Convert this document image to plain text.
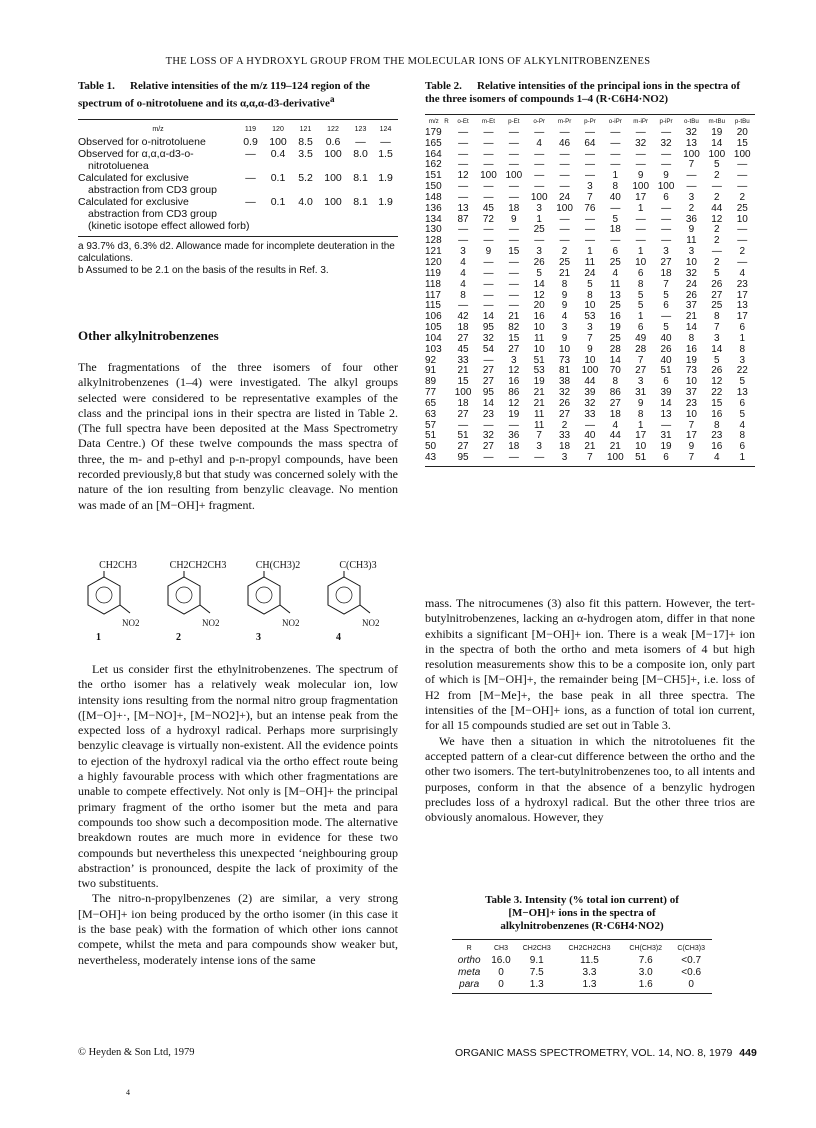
THE LOSS OF A HYDROXYL GROUP FROM THE MOLECULAR IONS OF ALKYLNITROBENZENES
Table 1. Relative intensities of the m/z 119–124 region of the spectrum of o-nitrotoluene and its α,α,α-d3-derivative$^a$
m/z	119	120	121	122	123	124
Observed for o-nitrotoluene	0.9	100	8.5	0.6	—	—
Observed for α,α,α-d3-o-	—	0.4	3.5	100	8.0	1.5
nitrotoluenea						
Calculated for exclusive	—	0.1	5.2	100	8.1	1.9
abstraction from CD3 group						
Calculated for exclusive	—	0.1	4.0	100	8.1	1.9
abstraction from CD3 group						
(kinetic isotope effect allowed forb)						
a 93.7% d3, 6.3% d2. Allowance made for incomplete deuteration in the calculations.
b Assumed to be 2.1 on the basis of the results in Ref. 3.
Other alkylnitrobenzenes

The fragmentations of the three isomers of four other alkylnitrobenzenes (1–4) were investigated. The alkyl groups selected were considered to be representative examples of the class and the principal ions in their spectra are listed in Table 2. (The full spectra have been deposited at the Mass Spectrometry Data Centre.) Of these twelve compounds the mass spectra of three, the m- and p-ethyl and p-n-propyl compounds, have been recorded previously,8 but that study was concerned solely with the nature of the ion resulting from benzylic cleavage. No mention was made of an [M−OH]+ fragment.

CH2CH3
NO2
1
CH2CH2CH3
NO2
2
CH(CH3)2
NO2
3
C(CH3)3
NO2
4

Let us consider first the ethylnitrobenzenes. The spectrum of the ortho isomer has a relatively weak molecular ion, low intensity ions resulting from the normal nitro group fragmentation ([M−O]+·, [M−NO]+, [M−NO2]+), but an intense peak from the expected loss of a hydroxyl radical. Perhaps more surprisingly benzylic cleavage is virtually non-existent. All the evidence points to ejection of the hydroxyl radical via the ortho effect route being a highly favourable process with which other fragmentations are unable to compete effectively. Not only is [M−OH]+ the principal primary fragment of the ortho isomer but the meta and para compounds too show such a decomposition mode. The alternative breakdown routes are much more in evidence for these two compounds but nevertheless this unexpected ‘neighbouring group abstraction’ is pronounced, despite the lack of proximity of the two substituents.

The nitro-n-propylbenzenes (2) are similar, a very strong [M−OH]+ ion being produced by the ortho isomer (in this case it is the base peak) with the formation of which other ions cannot compete, whilst the meta and para compounds show weaker but, nevertheless, moderately intense ions of the same

Table 2. Relative intensities of the principal ions in the spectra of the three isomers of compounds 1–4 (R·C6H4·NO2)
m/z	R	o-Et	m-Et	p-Et	o-Pr	m-Pr	p-Pr	o-iPr	m-iPr	p-iPr	o-tBu	m-tBu	p-tBu
179		—	—	—	—	—	—	—	—	—	32	19	20
165		—	—	—	4	46	64	—	32	32	13	14	15
164		—	—	—	—	—	—	—	—	—	100	100	100
162		—	—	—	—	—	—	—	—	—	7	5	—
151		12	100	100	—	—	—	1	9	9	—	2	—
150		—	—	—	—	—	3	8	100	100	—	—	—
148		—	—	—	100	24	7	40	17	6	3	2	2
136		13	45	18	3	100	76	—	1	—	2	44	25
134		87	72	9	1	—	—	5	—	—	36	12	10
130		—	—	—	25	—	—	18	—	—	9	2	—
128		—	—	—	—	—	—	—	—	—	11	2	—
121		3	9	15	3	2	1	6	1	3	3	—	2
120		4	—	—	26	25	11	25	10	27	10	2	—
119		4	—	—	5	21	24	4	6	18	32	5	4
118		4	—	—	14	8	5	11	8	7	24	26	23
117		8	—	—	12	9	8	13	5	5	26	27	17
115		—	—	—	20	9	10	25	5	6	37	25	13
106		42	14	21	16	4	53	16	1	—	21	8	17
105		18	95	82	10	3	3	19	6	5	14	7	6
104		27	32	15	11	9	7	25	49	40	8	3	1
103		45	54	27	10	10	9	28	28	26	16	14	8
92		33	—	3	51	73	10	14	7	40	19	5	3
91		21	27	12	53	81	100	70	27	51	73	26	22
89		15	27	16	19	38	44	8	3	6	10	12	5
77		100	95	86	21	32	39	86	31	39	37	22	13
65		18	14	12	21	26	32	27	9	14	23	15	6
63		27	23	19	11	27	33	18	8	13	10	16	5
57		—	—	—	11	2	—	4	1	—	7	8	4
51		51	32	36	7	33	40	44	17	31	17	23	8
50		27	27	18	3	18	21	21	10	19	9	16	6
43		95	—	—	—	3	7	100	51	6	7	4	1

mass. The nitrocumenes (3) also fit this pattern. However, the tert-butylnitrobenzenes, lacking an α-hydrogen atom, differ in that none exhibits a significant [M−OH]+ ion. There is a weak [M−17]+ ion in the spectra of both the ortho and meta isomers of 4 but high resolution measurements show this to be a composite ion, only part of which is [M−OH]+, the remainder being [M−CH5]+, i.e. loss of H2 from [M−Me]+, the base peak in all three spectra. The intensities of the [M−OH]+ ions, as a function of total ion current, for all 15 compounds studied are set out in Table 3.

We have then a situation in which the nitrotoluenes fit the accepted pattern of a clear-cut difference between the ortho and the other two isomers. The tert-butylnitrobenzenes too, to all intents and purposes, conform in that the absence of a benzylic hydrogen precludes loss of a hydroxyl radical. But the other three trios are obviously anomalous. However, they

Table 3. Intensity (% total ion current) of [M−OH]+ ions in the spectra of alkylnitrobenzenes (R·C6H4·NO2)
R	CH3	CH2CH3	CH2CH2CH3	CH(CH3)2	C(CH3)3
ortho	16.0	9.1	11.5	7.6	<0.7
meta	0	7.5	3.3	3.0	<0.6
para	0	1.3	1.3	1.6	0
© Heyden & Son Ltd, 1979	ORGANIC MASS SPECTROMETRY, VOL. 14, NO. 8, 1979 449
4
